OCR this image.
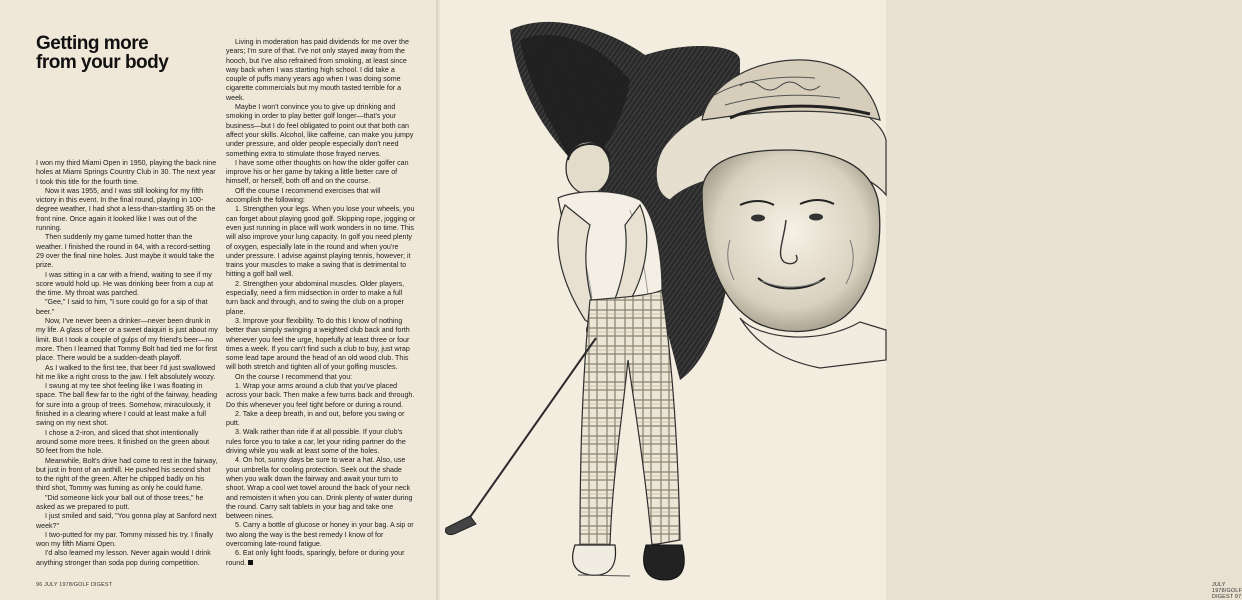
Getting more
from your body

I won my third Miami Open in 1950, playing the back nine holes at Miami Springs Country Club in 30. The next year I took this title for the fourth time.

Now it was 1955, and I was still looking for my fifth victory in this event. In the final round, playing in 100-degree weather, I had shot a less-than-startling 35 on the front nine. Once again it looked like I was out of the running.

Then suddenly my game turned hotter than the weather. I finished the round in 64, with a record-setting 29 over the final nine holes. Just maybe it would take the prize.

I was sitting in a car with a friend, waiting to see if my score would hold up. He was drinking beer from a cup at the time. My throat was parched.

"Gee," I said to him, "I sure could go for a sip of that beer."

Now, I've never been a drinker—never been drunk in my life. A glass of beer or a sweet daiquiri is just about my limit. But I took a couple of gulps of my friend's beer—no more. Then I learned that Tommy Bolt had tied me for first place. There would be a sudden-death playoff.

As I walked to the first tee, that beer I'd just swallowed hit me like a right cross to the jaw. I felt absolutely woozy.

I swung at my tee shot feeling like I was floating in space. The ball flew far to the right of the fairway, heading for sure into a group of trees. Somehow, miraculously, it finished in a clearing where I could at least make a full swing on my next shot.

I chose a 2-iron, and sliced that shot intentionally around some more trees. It finished on the green about 50 feet from the hole.

Meanwhile, Bolt's drive had come to rest in the fairway, but just in front of an anthill. He pushed his second shot to the right of the green. After he chipped badly on his third shot, Tommy was fuming as only he could fume.

"Did someone kick your ball out of those trees," he asked as we prepared to putt.

I just smiled and said, "You gonna play at Sanford next week?"

I two-putted for my par. Tommy missed his try. I finally won my fifth Miami Open.

I'd also learned my lesson. Never again would I drink anything stronger than soda pop during competition.

Living in moderation has paid dividends for me over the years; I'm sure of that. I've not only stayed away from the hooch, but I've also refrained from smoking, at least since way back when I was starting high school. I did take a couple of puffs many years ago when I was doing some cigarette commercials but my mouth tasted terrible for a week.

Maybe I won't convince you to give up drinking and smoking in order to play better golf longer—that's your business—but I do feel obligated to point out that both can affect your skills. Alcohol, like caffeine, can make you jumpy under pressure, and older people especially don't need something extra to stimulate those frayed nerves.

I have some other thoughts on how the older golfer can improve his or her game by taking a little better care of himself, or herself, both off and on the course.

Off the course I recommend exercises that will accomplish the following:

1. Strengthen your legs. When you lose your wheels, you can forget about playing good golf. Skipping rope, jogging or even just running in place will work wonders in no time. This will also improve your lung capacity. In golf you need plenty of oxygen, especially late in the round and when you're under pressure. I advise against playing tennis, however; it trains your muscles to make a swing that is detrimental to hitting a golf ball well.

2. Strengthen your abdominal muscles. Older players, especially, need a firm midsection in order to make a full turn back and through, and to swing the club on a proper plane.

3. Improve your flexibility. To do this I know of nothing better than simply swinging a weighted club back and forth whenever you feel the urge, hopefully at least three or four times a week. If you can't find such a club to buy, just wrap some lead tape around the head of an old wood club. This will both stretch and tighten all of your golfing muscles.

On the course I recommend that you:

1. Wrap your arms around a club that you've placed across your back. Then make a few turns back and through. Do this whenever you feel tight before or during a round.

2. Take a deep breath, in and out, before you swing or putt.

3. Walk rather than ride if at all possible. If your club's rules force you to take a car, let your riding partner do the driving while you walk at least some of the holes.

4. On hot, sunny days be sure to wear a hat. Also, use your umbrella for cooling protection. Seek out the shade when you walk down the fairway and await your turn to shoot. Wrap a cool wet towel around the back of your neck and remoisten it when you can. Drink plenty of water during the round. Carry salt tablets in your bag and take one between nines.

5. Carry a bottle of glucose or honey in your bag. A sip or two along the way is the best remedy I know of for overcoming late-round fatigue.

6. Eat only light foods, sparingly, before or during your round.

96 JULY 1978/GOLF DIGEST	JULY 1978/GOLF DIGEST 97
